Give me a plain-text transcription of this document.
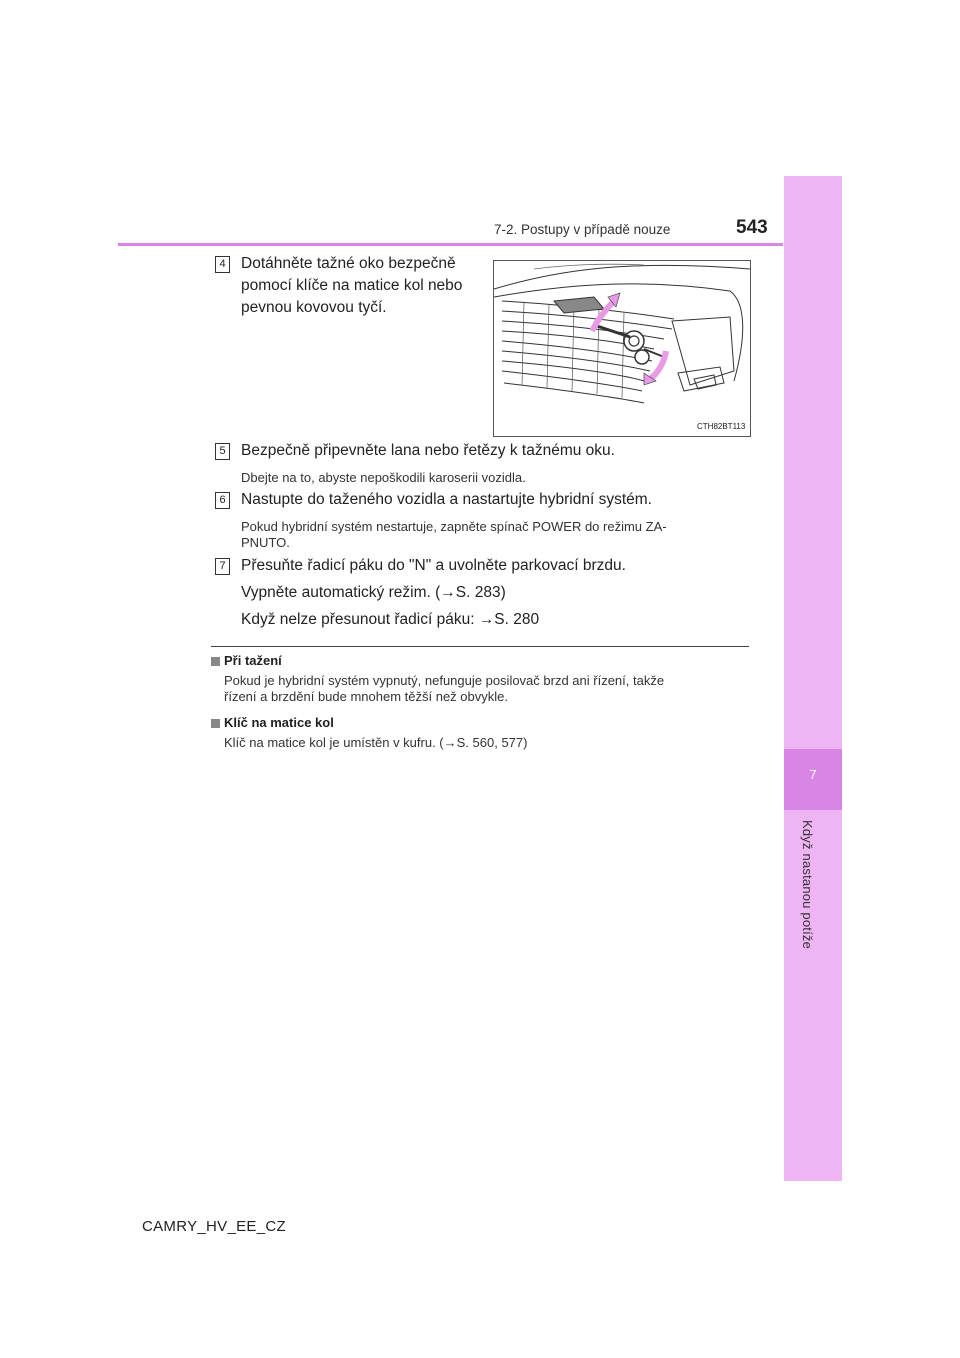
7
Když nastanou potíže
7-2. Postupy v případě nouze	543
4 Dotáhněte tažné oko bezpečně
pomocí klíče na matice kol nebo
pevnou kovovou tyčí.
CTH82BT113
5 Bezpečně připevněte lana nebo řetězy k tažnému oku.
Dbejte na to, abyste nepoškodili karoserii vozidla.
6 Nastupte do taženého vozidla a nastartujte hybridní systém.
Pokud hybridní systém nestartuje, zapněte spínač POWER do režimu ZA-
PNUTO.
7 Přesuňte řadicí páku do "N" a uvolněte parkovací brzdu.
Vypněte automatický režim. (→S. 283)
Když nelze přesunout řadicí páku: →S. 280
Při tažení
Pokud je hybridní systém vypnutý, nefunguje posilovač brzd ani řízení, takže
řízení a brzdění bude mnohem těžší než obvykle.
Klíč na matice kol
Klíč na matice kol je umístěn v kufru. (→S. 560, 577)
CAMRY_HV_EE_CZ
